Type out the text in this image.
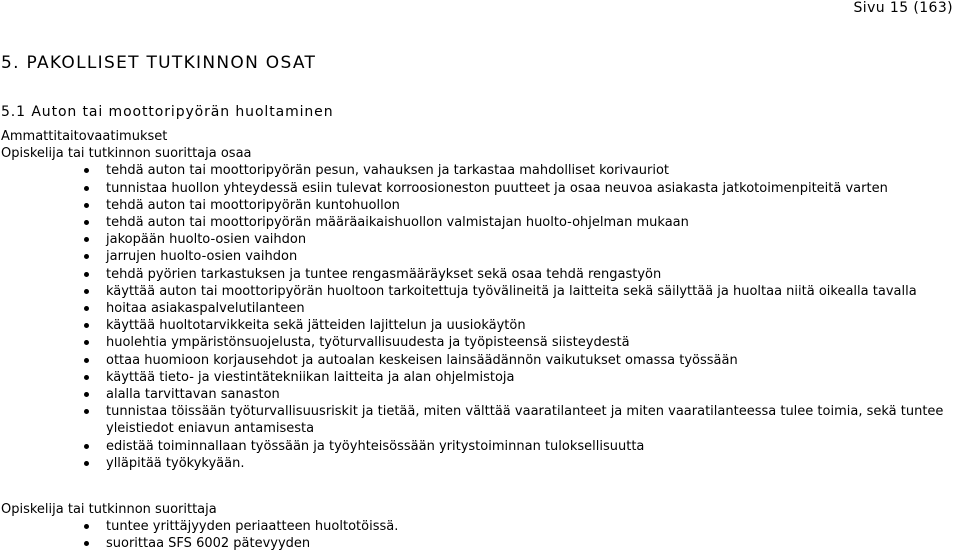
Sivu 15 (163)
5. PAKOLLISET TUTKINNON OSAT
5.1 Auton tai moottoripyörän huoltaminen
Ammattitaitovaatimukset
Opiskelija tai tutkinnon suorittaja osaa
tehdä auton tai moottoripyörän pesun, vahauksen ja tarkastaa mahdolliset korivauriot
tunnistaa huollon yhteydessä esiin tulevat korroosioneston puutteet ja osaa neuvoa asiakasta jatkotoimenpiteitä varten
tehdä auton tai moottoripyörän kuntohuollon
tehdä auton tai moottoripyörän määräaikaishuollon valmistajan huolto-ohjelman mukaan
jakopään huolto-osien vaihdon
jarrujen huolto-osien vaihdon
tehdä pyörien tarkastuksen ja tuntee rengasmääräykset sekä osaa tehdä rengastyön
käyttää auton tai moottoripyörän huoltoon tarkoitettuja työvälineitä ja laitteita sekä säilyttää ja huoltaa niitä oikealla tavalla
hoitaa asiakaspalvelutilanteen
käyttää huoltotarvikkeita sekä jätteiden lajittelun ja uusiokäytön
huolehtia ympäristönsuojelusta, työturvallisuudesta ja työpisteensä siisteydestä
ottaa huomioon korjausehdot ja autoalan keskeisen lainsäädännön vaikutukset omassa työssään
käyttää tieto- ja viestintätekniikan laitteita ja alan ohjelmistoja
alalla tarvittavan sanaston
tunnistaa töissään työturvallisuusriskit ja tietää, miten välttää vaaratilanteet ja miten vaaratilanteessa tulee toimia, sekä tuntee yleistiedot eniavun antamisesta
edistää toiminnallaan työssään ja työyhteisössään yritystoiminnan tuloksellisuutta
ylläpitää työkykyään.
Opiskelija tai tutkinnon suorittaja
tuntee yrittäjyyden periaatteen huoltotöissä.
suorittaa SFS 6002 pätevyyden
